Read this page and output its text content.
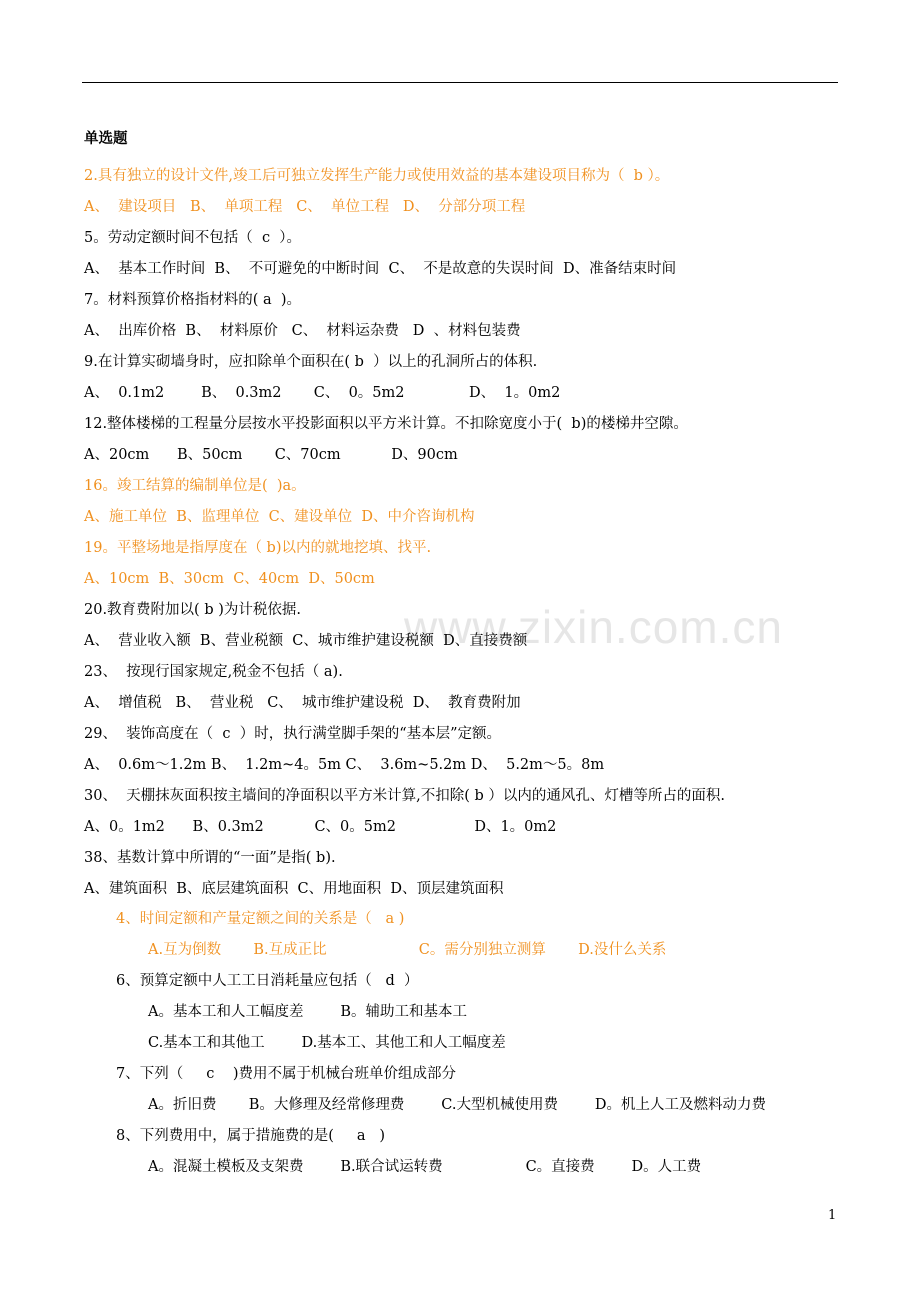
www.zixin.com.cn
单选题
2.具有独立的设计文件,竣工后可独立发挥生产能力或使用效益的基本建设项目称为（  b ）。
A、  建设项目   B、  单项工程   C、  单位工程   D、  分部分项工程
5。劳动定额时间不包括（  c  ）。
A、  基本工作时间  B、  不可避免的中断时间  C、  不是故意的失误时间  D、准备结束时间
7。材料预算价格指材料的( a  )。
A、  出库价格  B、  材料原价   C、  材料运杂费   D  、材料包装费
9.在计算实砌墙身时，应扣除单个面积在( b  ）以上的孔洞所占的体积.
A、  0.1m2        B、  0.3m2       C、  0。5m2              D、  1。0m2
12.整体楼梯的工程量分层按水平投影面积以平方米计算。不扣除宽度小于(  b)的楼梯井空隙。
A、20cm      B、50cm       C、70cm           D、90cm
16。竣工结算的编制单位是(  )a。
A、施工单位  B、监理单位  C、建设单位  D、中介咨询机构
19。平整场地是指厚度在（ b)以内的就地挖填、找平.
A、10cm  B、30cm  C、40cm  D、50cm
20.教育费附加以( b )为计税依据.
A、  营业收入额  B、营业税额  C、城市维护建设税额  D、直接费额
23、  按现行国家规定,税金不包括（ a).
A、  增值税   B、  营业税   C、  城市维护建设税  D、  教育费附加
29、  装饰高度在（  c  ）时，执行满堂脚手架的“基本层”定额。
A、  0.6m～1.2m B、  1.2m~4。5m C、  3.6m~5.2m D、  5.2m～5。8m
30、  天棚抹灰面积按主墙间的净面积以平方米计算,不扣除( b ）以内的通风孔、灯槽等所占的面积.
A、0。1m2      B、0.3m2           C、0。5m2                 D、1。0m2
38、基数计算中所谓的“一面”是指( b).
A、建筑面积  B、底层建筑面积  C、用地面积  D、顶层建筑面积
4、时间定额和产量定额之间的关系是（   a )
A.互为倒数       B.互成正比                    C。需分别独立测算       D.没什么关系
6、预算定额中人工工日消耗量应包括（   d  ）
A。基本工和人工幅度差        B。辅助工和基本工
C.基本工和其他工        D.基本工、其他工和人工幅度差
7、下列（     c    )费用不属于机械台班单价组成部分
A。折旧费       B。大修理及经常修理费        C.大型机械使用费        D。机上人工及燃料动力费
8、下列费用中，属于措施费的是(     a   )
A。混凝土模板及支架费        B.联合试运转费                  C。直接费        D。人工费
1
